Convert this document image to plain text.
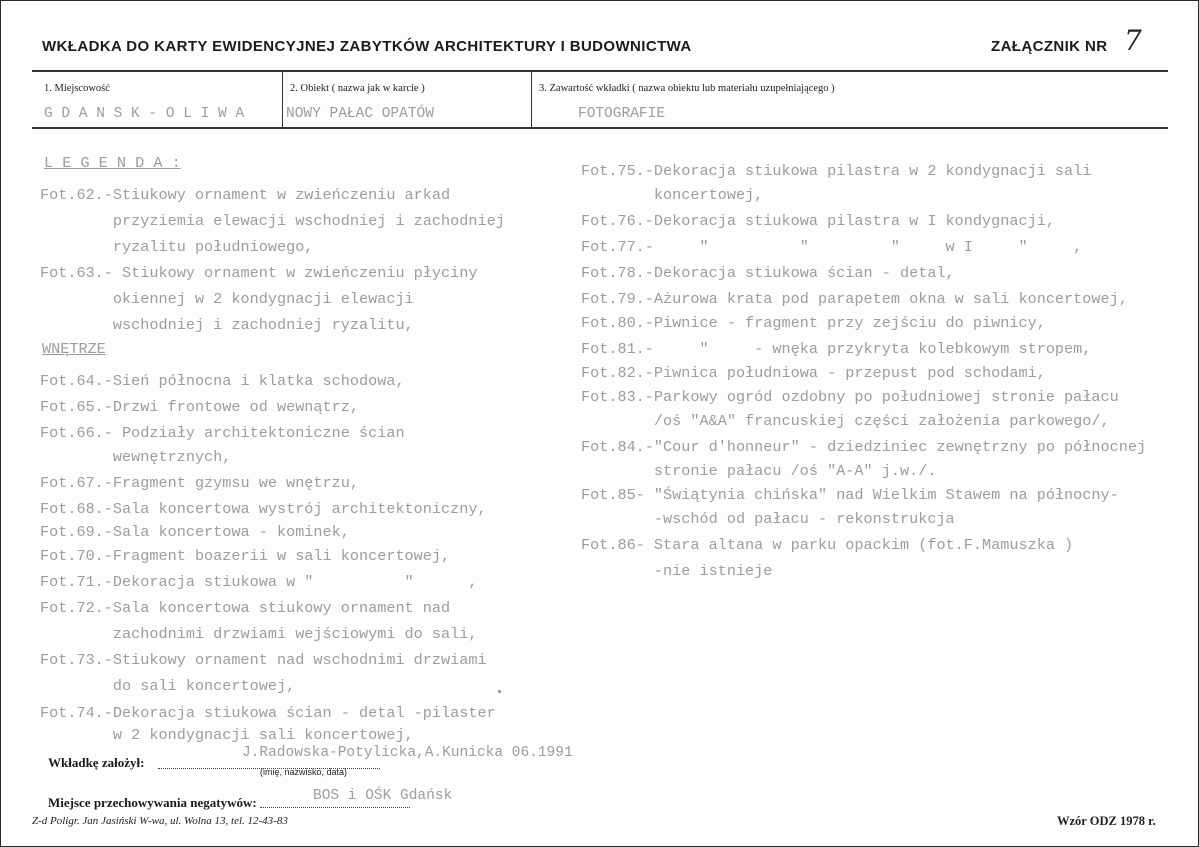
WKŁADKA DO KARTY EWIDENCYJNEJ ZABYTKÓW ARCHITEKTURY I BUDOWNICTWA	ZAŁĄCZNIK NR 7
1. Miejscowość	2. Obiekt ( nazwa jak w karcie )	3. Zawartość wkładki ( nazwa obiektu lub materiału uzupełniającego )
G D A N S K - O L I W A	NOWY PAŁAC OPATÓW	FOTOGRAFIE
L E G E N D A :
Fot.62.-Stiukowy ornament w zwieńczeniu arkad
przyziemia elewacji wschodniej i zachodniej
ryzalitu południowego,
Fot.63.- Stiukowy ornament w zwieńczeniu płyciny
okiennej w 2 kondygnacji elewacji
wschodniej i zachodniej ryzalitu,
WNĘTRZE
Fot.64.-Sień północna i klatka schodowa,
Fot.65.-Drzwi frontowe od wewnątrz,
Fot.66.- Podziały architektoniczne ścian
wewnętrznych,
Fot.67.-Fragment gzymsu we wnętrzu,
Fot.68.-Sala koncertowa wystrój architektoniczny,
Fot.69.-Sala koncertowa - kominek,
Fot.70.-Fragment boazerii w sali koncertowej,
Fot.71.-Dekoracja stiukowa w "          "      ,
Fot.72.-Sala koncertowa stiukowy ornament nad
zachodnimi drzwiami wejściowymi do sali,
Fot.73.-Stiukowy ornament nad wschodnimi drzwiami
do sali koncertowej,
Fot.74.-Dekoracja stiukowa ścian - detal -pilaster
w 2 kondygnacji sali koncertowej,
Fot.75.-Dekoracja stiukowa pilastra w 2 kondygnacji sali
koncertowej,
Fot.76.-Dekoracja stiukowa pilastra w I kondygnacji,
Fot.77.-     "          "         "     w I     "     ,
Fot.78.-Dekoracja stiukowa ścian - detal,
Fot.79.-Ażurowa krata pod parapetem okna w sali koncertowej,
Fot.80.-Piwnice - fragment przy zejściu do piwnicy,
Fot.81.-     "     - wnęka przykryta kolebkowym stropem,
Fot.82.-Piwnica południowa - przepust pod schodami,
Fot.83.-Parkowy ogród ozdobny po południowej stronie pałacu
/oś "A&A" francuskiej części założenia parkowego/,
Fot.84.-"Cour d'honneur" - dziedziniec zewnętrzny po północnej
stronie pałacu /oś "A-A" j.w./.
Fot.85- "Świątynia chińska" nad Wielkim Stawem na północny-
-wschód od pałacu - rekonstrukcja
Fot.86- Stara altana w parku opackim (fot.F.Mamuszka )
-nie istnieje
Wkładkę założył:
J.Radowska-Potylicka,A.Kunicka 06.1991
(imię, nazwisko, data)
Miejsce przechowywania negatywów:	BOS i OŚK Gdańsk
Z-d Poligr. Jan Jasiński W-wa, ul. Wolna 13, tel. 12-43-83	Wzór ODZ 1978 r.
